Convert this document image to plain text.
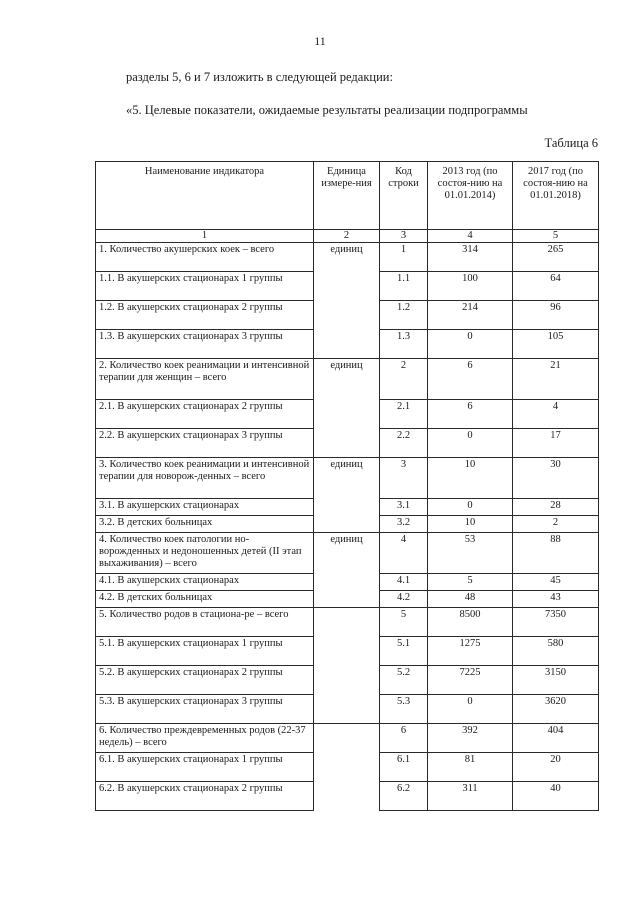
11
разделы 5, 6 и 7 изложить в следующей редакции:
«5. Целевые показатели, ожидаемые результаты реализации подпрограммы
Таблица 6
Наименование индикатора	Единица измере-ния	Код строки	2013 год (по состоя-нию на 01.01.2014)	2017 год (по состоя-нию на 01.01.2018)
1	2	3	4	5
1. Количество акушерских коек – всего	единиц	1	314	265
1.1. В акушерских стационарах 1 группы		1.1	100	64
1.2. В акушерских стационарах 2 группы		1.2	214	96
1.3. В акушерских стационарах 3 группы		1.3	0	105
2. Количество коек реанимации и интенсивной терапии для женщин – всего	единиц	2	6	21
2.1. В акушерских стационарах 2 группы		2.1	6	4
2.2. В акушерских стационарах 3 группы		2.2	0	17
3. Количество коек реанимации и интенсивной терапии для новорож-денных – всего	единиц	3	10	30
3.1. В акушерских стационарах		3.1	0	28
3.2. В детских больницах		3.2	10	2
4. Количество коек патологии но-ворожденных и недоношенных детей (II этап выхаживания) – всего	единиц	4	53	88
4.1. В акушерских стационарах		4.1	5	45
4.2. В детских больницах		4.2	48	43
5. Количество родов в стациона-ре – всего		5	8500	7350
5.1. В акушерских стационарах 1 группы		5.1	1275	580
5.2. В акушерских стационарах 2 группы		5.2	7225	3150
5.3. В акушерских стационарах 3 группы		5.3	0	3620
6. Количество преждевременных родов (22-37 недель) – всего		6	392	404
6.1. В акушерских стационарах 1 группы		6.1	81	20
6.2. В акушерских стационарах 2 группы		6.2	311	40
